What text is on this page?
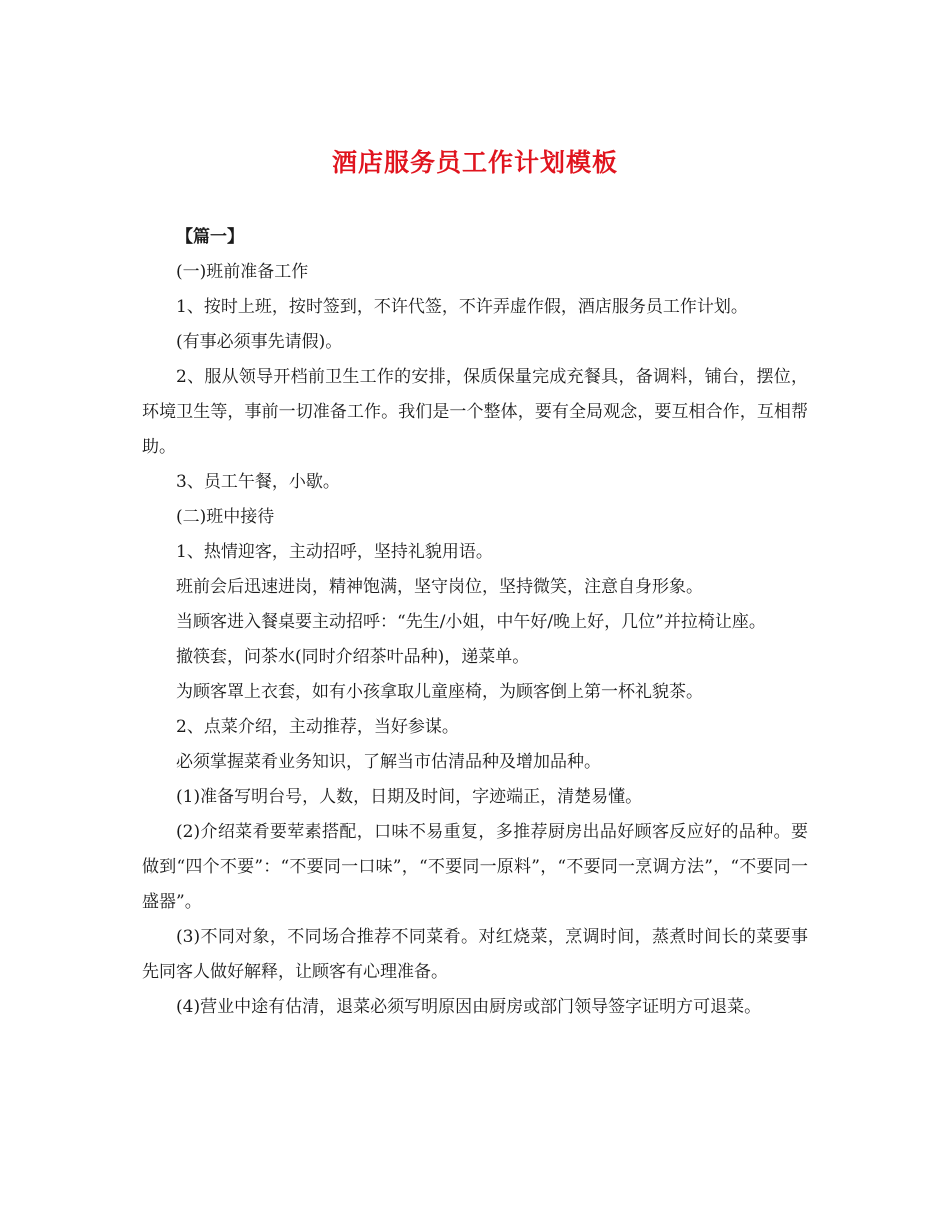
酒店服务员工作计划模板

【篇一】

(一)班前准备工作

1、按时上班，按时签到，不许代签，不许弄虚作假，酒店服务员工作计划。

(有事必须事先请假)。

2、服从领导开档前卫生工作的安排，保质保量完成充餐具，备调料，铺台，摆位，环境卫生等，事前一切准备工作。我们是一个整体，要有全局观念，要互相合作，互相帮助。

3、员工午餐，小歇。

(二)班中接待

1、热情迎客，主动招呼，坚持礼貌用语。

班前会后迅速进岗，精神饱满，坚守岗位，坚持微笑，注意自身形象。

当顾客进入餐桌要主动招呼：“先生/小姐，中午好/晚上好，几位”并拉椅让座。

撤筷套，问茶水(同时介绍茶叶品种)，递菜单。

为顾客罩上衣套，如有小孩拿取儿童座椅，为顾客倒上第一杯礼貌茶。

2、点菜介绍，主动推荐，当好参谋。

必须掌握菜肴业务知识，了解当市估清品种及增加品种。

(1)准备写明台号，人数，日期及时间，字迹端正，清楚易懂。

(2)介绍菜肴要荤素搭配，口味不易重复，多推荐厨房出品好顾客反应好的品种。要做到“四个不要”：“不要同一口味”，“不要同一原料”，“不要同一烹调方法”，“不要同一盛器”。

(3)不同对象，不同场合推荐不同菜肴。对红烧菜，烹调时间，蒸煮时间长的菜要事先同客人做好解释，让顾客有心理准备。

(4)营业中途有估清，退菜必须写明原因由厨房或部门领导签字证明方可退菜。
